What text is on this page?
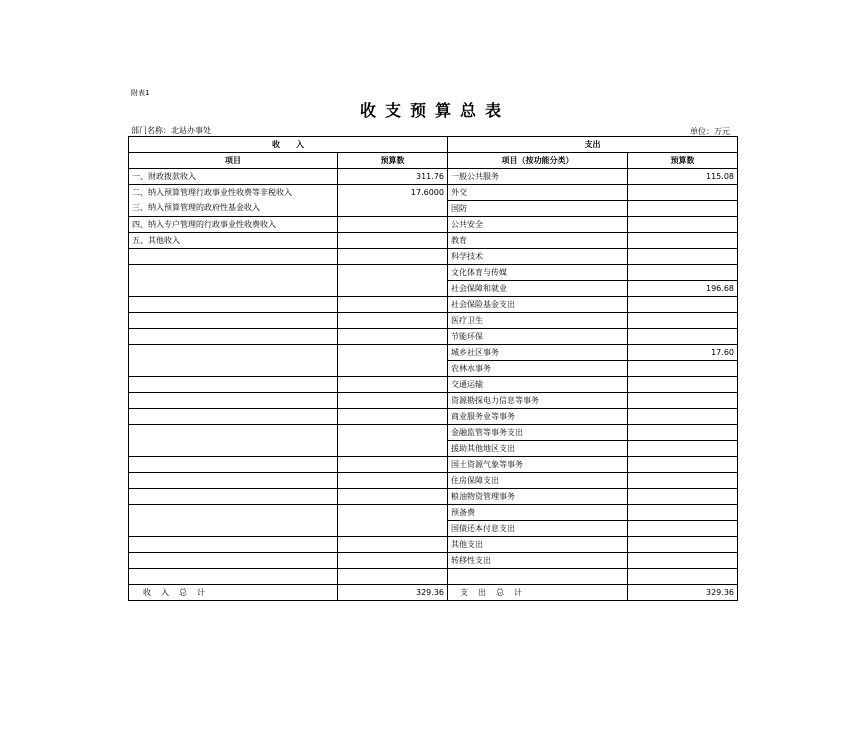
附表1
收支预算总表
部门名称：北站办事处	单位：万元
收　　入		支出	
项目	预算数	项目（按功能分类）	预算数
一、财政拨款收入	311.76	一般公共服务	115.08

二、纳入预算管理行政事业性收费等非税收入
三、纳入预算管理的政府性基金收入	17.6000	外交	
		国防	
四、纳入专户管理的行政事业性收费收入		公共安全	
五、其他收入		教育	
		科学技术	
		文化体育与传媒	
		社会保障和就业	196.68
		社会保险基金支出	
		医疗卫生	
		节能环保	
		城乡社区事务	17.60
		农林水事务	
		交通运输	
		资源勘探电力信息等事务	
		商业服务业等事务	
		金融监管等事务支出	
		援助其他地区支出	
		国土资源气象等事务	
		住房保障支出	
		粮油物资管理事务	
		预备费	
		国债还本付息支出	
		其他支出	
		转移性支出	

收入总计	329.36	支出总计	329.36
